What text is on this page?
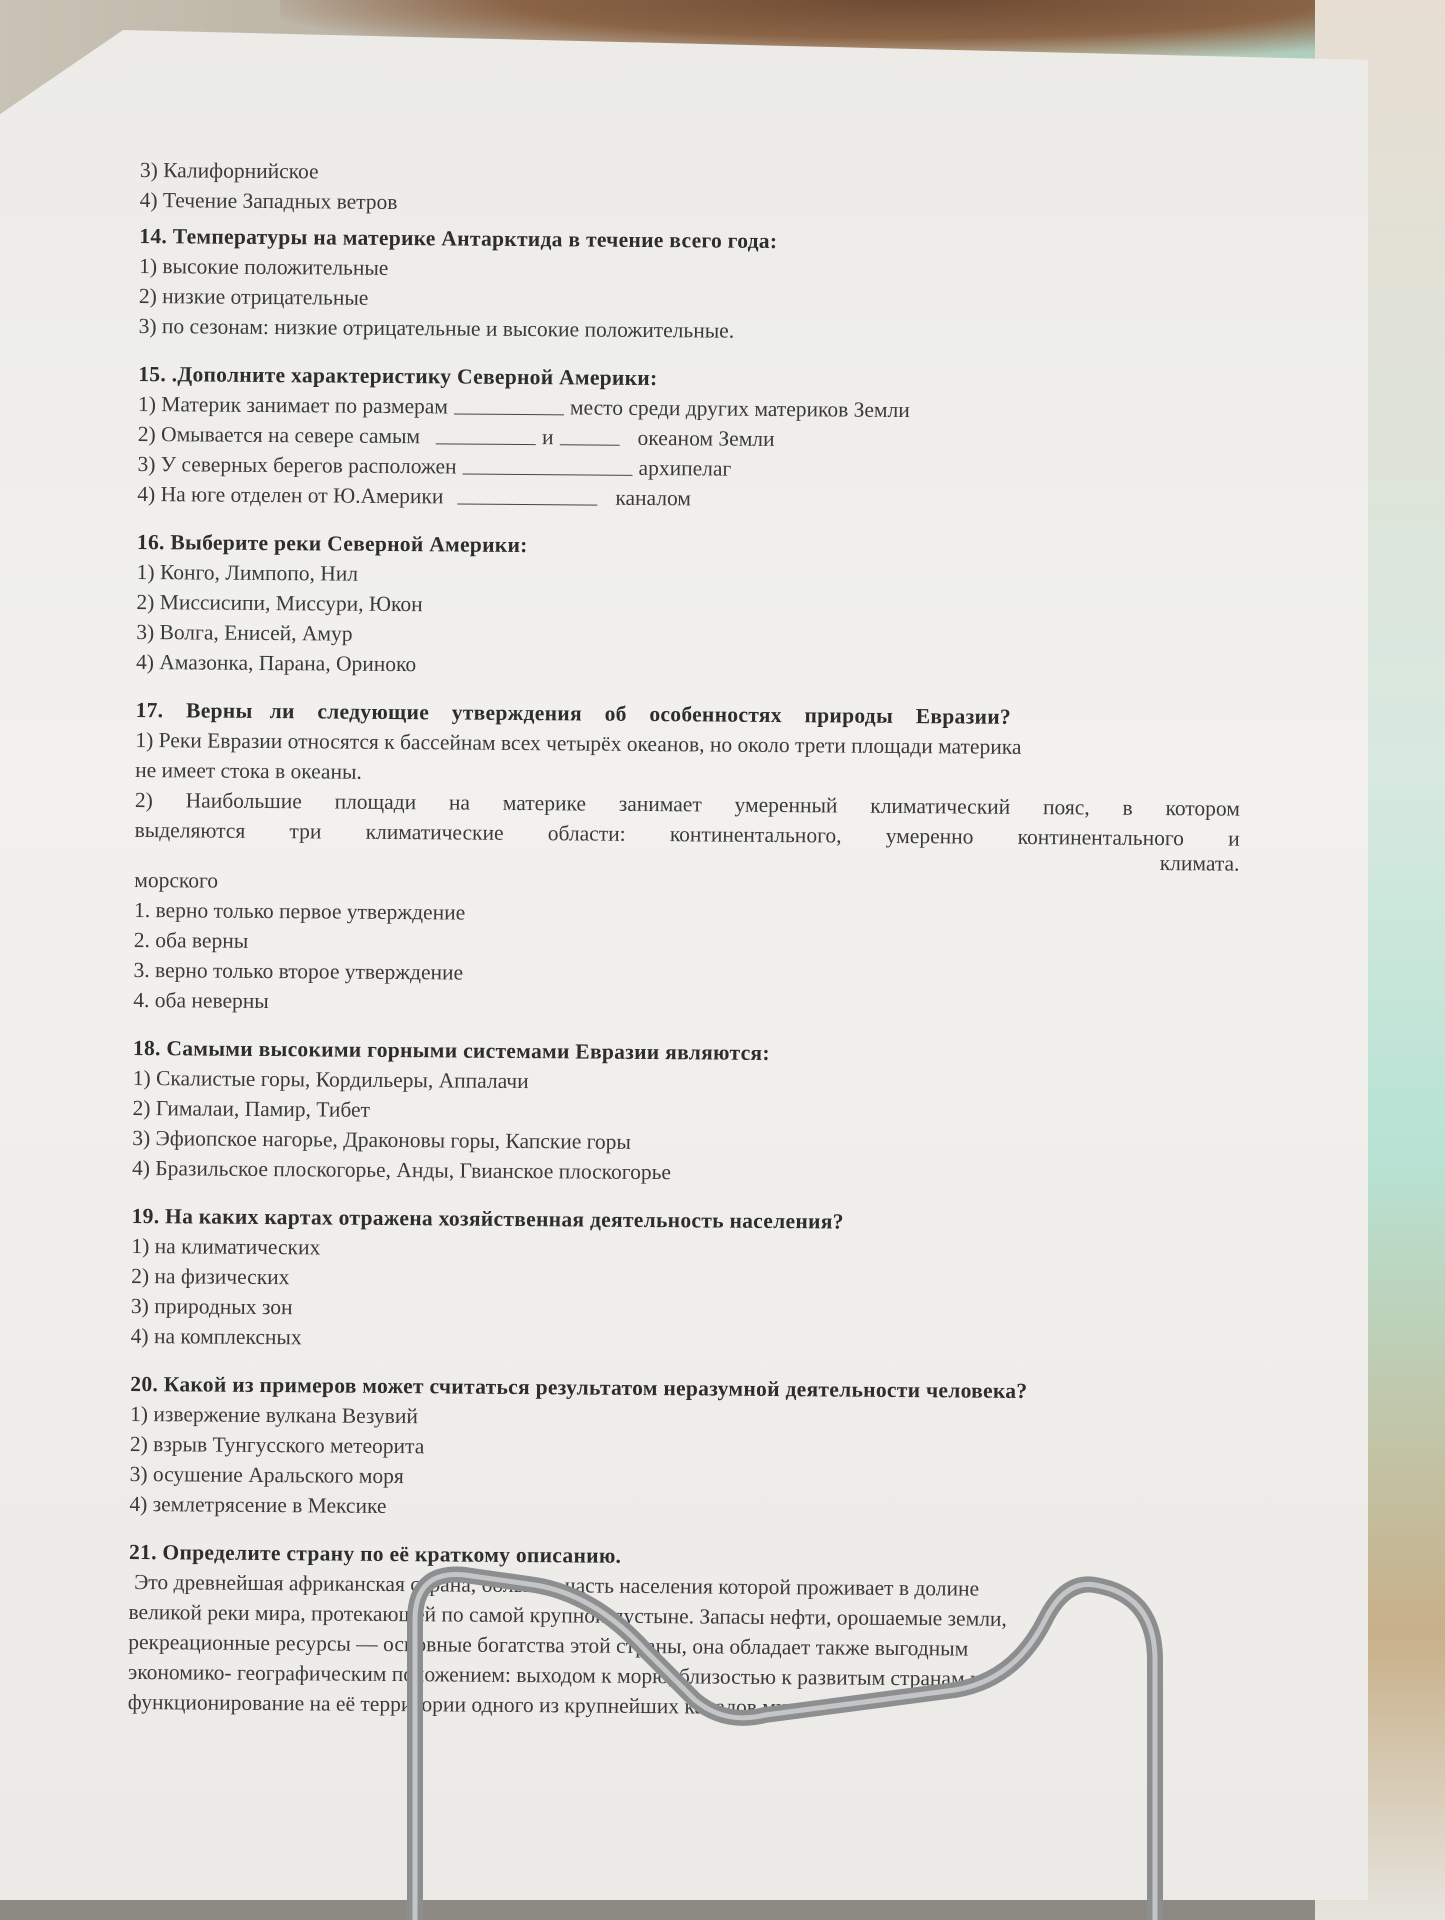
3) Калифорнийское
4) Течение Западных ветров
14. Температуры на материке Антарктида в течение всего года:
1) высокие положительные
2) низкие отрицательные
3) по сезонам: низкие отрицательные и высокие положительные.
15. .Дополните характеристику Северной Америки:
1) Материк занимает по размерам	место среди других материков Земли
2) Омывается на севере самым	и	океаном Земли
3) У северных берегов расположен	архипелаг
4) На юге отделен от Ю.Америки	каналом
16. Выберите реки Северной Америки:
1) Конго, Лимпопо, Нил
2) Миссисипи, Миссури, Юкон
3) Волга, Енисей, Амур
4) Амазонка, Парана, Ориноко
17.    Верны   ли    следующие    утверждения    об    особенностях    природы    Евразии?
1) Реки Евразии относятся к бассейнам всех четырёх океанов, но около трети площади материка
не имеет стока в океаны.
2) Наибольшие площади на материке занимает умеренный климатический пояс, в котором
выделяются три климатические области: континентального, умеренно континентального и
климата.
морского
1. верно только первое утверждение
2. оба верны
3. верно только второе утверждение
4. оба неверны
18. Самыми высокими горными системами Евразии являются:
1) Скалистые горы, Кордильеры, Аппалачи
2) Гималаи, Памир, Тибет
3) Эфиопское нагорье, Драконовы горы, Капские горы
4) Бразильское плоскогорье, Анды, Гвианское плоскогорье
19. На каких картах отражена хозяйственная деятельность населения?
1) на климатических
2) на физических
3) природных зон
4) на комплексных
20. Какой из примеров может считаться результатом неразумной деятельности человека?
1) извержение вулкана Везувий
2) взрыв Тунгусского метеорита
3) осушение Аральского моря
4) землетрясение в Мексике
21. Определите страну по её краткому описанию.
Это древнейшая африканская страна, большая часть населения которой проживает в долине
великой реки мира, протекающей по самой крупной пустыне. Запасы нефти, орошаемые земли,
рекреационные ресурсы — основные богатства этой страны, она обладает также выгодным
экономико- географическим положением: выходом к морю, близостью к развитым странам и
функционирование на её территории одного из крупнейших каналов мира.
